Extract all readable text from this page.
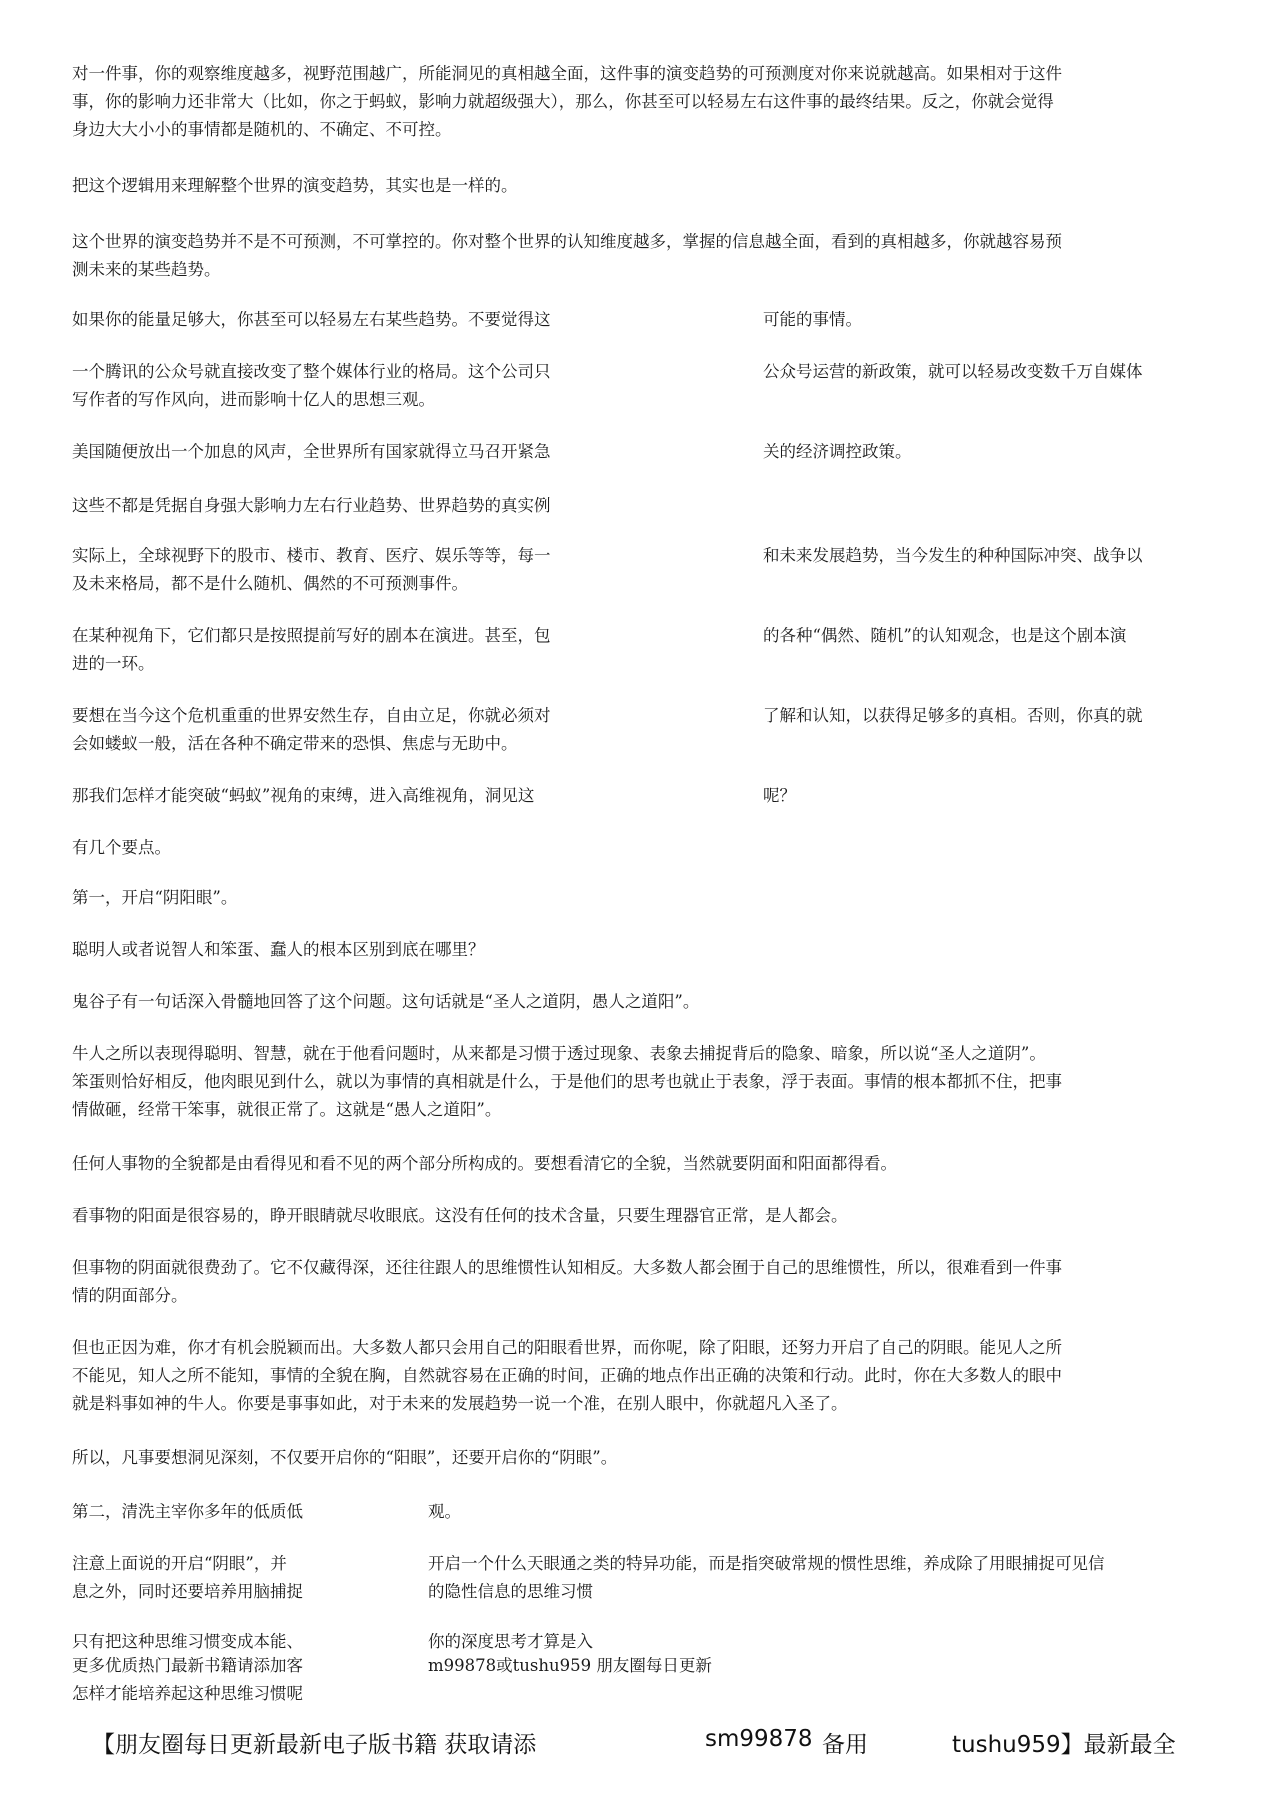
对一件事，你的观察维度越多，视野范围越广，所能洞见的真相越全面，这件事的演变趋势的可预测度对你来说就越高。如果相对于这件
事，你的影响力还非常大（比如，你之于蚂蚁，影响力就超级强大），那么，你甚至可以轻易左右这件事的最终结果。反之，你就会觉得
身边大大小小的事情都是随机的、不确定、不可控。
把这个逻辑用来理解整个世界的演变趋势，其实也是一样的。
这个世界的演变趋势并不是不可预测，不可掌控的。你对整个世界的认知维度越多，掌握的信息越全面，看到的真相越多，你就越容易预
测未来的某些趋势。
如果你的能量足够大，你甚至可以轻易左右某些趋势。不要觉得这	可能的事情。
一个腾讯的公众号就直接改变了整个媒体行业的格局。这个公司只
写作者的写作风向，进而影响十亿人的思想三观。
公众号运营的新政策，就可以轻易改变数千万自媒体
美国随便放出一个加息的风声，全世界所有国家就得立马召开紧急	关的经济调控政策。
这些不都是凭据自身强大影响力左右行业趋势、世界趋势的真实例
实际上，全球视野下的股市、楼市、教育、医疗、娱乐等等，每一
及未来格局，都不是什么随机、偶然的不可预测事件。
和未来发展趋势，当今发生的种种国际冲突、战争以
在某种视角下，它们都只是按照提前写好的剧本在演进。甚至，包
进的一环。
的各种“偶然、随机”的认知观念，也是这个剧本演
要想在当今这个危机重重的世界安然生存，自由立足，你就必须对
会如蝼蚁一般，活在各种不确定带来的恐惧、焦虑与无助中。
了解和认知，以获得足够多的真相。否则，你真的就
那我们怎样才能突破“蚂蚁”视角的束缚，进入高维视角，洞见这	呢？
有几个要点。
第一，开启“阴阳眼”。
聪明人或者说智人和笨蛋、蠢人的根本区别到底在哪里？
鬼谷子有一句话深入骨髓地回答了这个问题。这句话就是“圣人之道阴，愚人之道阳”。
牛人之所以表现得聪明、智慧，就在于他看问题时，从来都是习惯于透过现象、表象去捕捉背后的隐象、暗象，所以说“圣人之道阴”。
笨蛋则恰好相反，他肉眼见到什么，就以为事情的真相就是什么，于是他们的思考也就止于表象，浮于表面。事情的根本都抓不住，把事
情做砸，经常干笨事，就很正常了。这就是“愚人之道阳”。
任何人事物的全貌都是由看得见和看不见的两个部分所构成的。要想看清它的全貌，当然就要阴面和阳面都得看。
看事物的阳面是很容易的，睁开眼睛就尽收眼底。这没有任何的技术含量，只要生理器官正常，是人都会。
但事物的阴面就很费劲了。它不仅藏得深，还往往跟人的思维惯性认知相反。大多数人都会囿于自己的思维惯性，所以，很难看到一件事
情的阴面部分。
但也正因为难，你才有机会脱颖而出。大多数人都只会用自己的阳眼看世界，而你呢，除了阳眼，还努力开启了自己的阴眼。能见人之所
不能见，知人之所不能知，事情的全貌在胸，自然就容易在正确的时间，正确的地点作出正确的决策和行动。此时，你在大多数人的眼中
就是料事如神的牛人。你要是事事如此，对于未来的发展趋势一说一个准，在别人眼中，你就超凡入圣了。
所以，凡事要想洞见深刻，不仅要开启你的“阳眼”，还要开启你的“阴眼”。
第二，清洗主宰你多年的低质低	观。
注意上面说的开启“阴眼”，并
息之外，同时还要培养用脑捕捉
开启一个什么天眼通之类的特异功能，而是指突破常规的惯性思维，养成除了用眼捕捉可见信
的隐性信息的思维习惯
只有把这种思维习惯变成本能、
更多优质热门最新书籍请添加客
怎样才能培养起这种思维习惯呢
你的深度思考才算是入
m99878或tushu959 朋友圈每日更新
【朋友圈每日更新最新电子版书籍 获取请添	sm99878 备用	tushu959】最新最全
